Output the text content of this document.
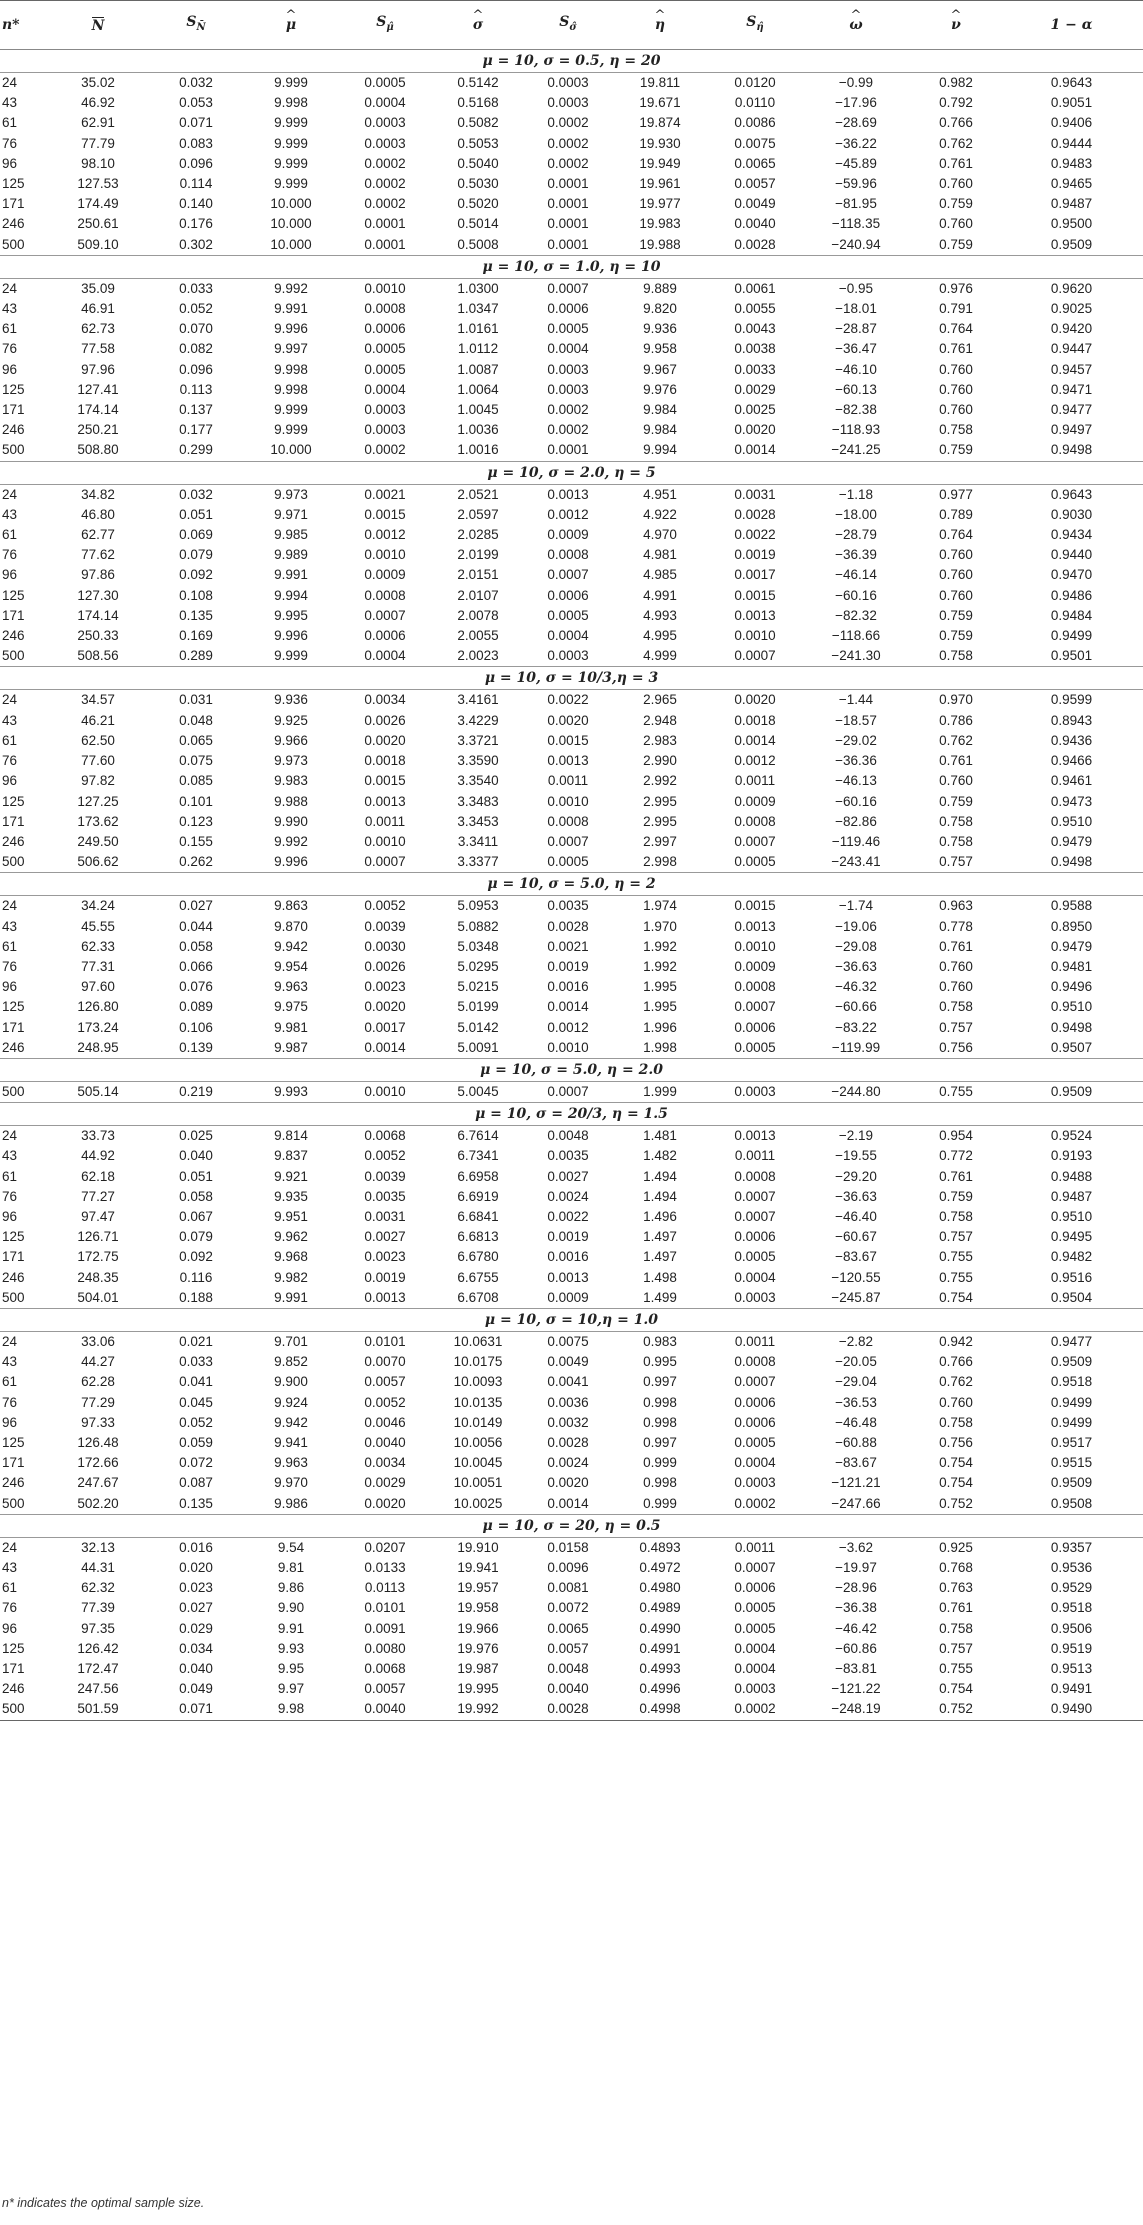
n*	N	$S_{N̄}$	^ μ	$S_{\mû}$	^ σ	$S_{\sigmâ}$	^ η	$S_{\etâ}$	^ ω	^ ν	1 − α
μ = 10, σ = 0.5, η = 20											
24	35.02	0.032	9.999	0.0005	0.5142	0.0003	19.811	0.0120	−0.99	0.982	0.9643
43	46.92	0.053	9.998	0.0004	0.5168	0.0003	19.671	0.0110	−17.96	0.792	0.9051
61	62.91	0.071	9.999	0.0003	0.5082	0.0002	19.874	0.0086	−28.69	0.766	0.9406
76	77.79	0.083	9.999	0.0003	0.5053	0.0002	19.930	0.0075	−36.22	0.762	0.9444
96	98.10	0.096	9.999	0.0002	0.5040	0.0002	19.949	0.0065	−45.89	0.761	0.9483
125	127.53	0.114	9.999	0.0002	0.5030	0.0001	19.961	0.0057	−59.96	0.760	0.9465
171	174.49	0.140	10.000	0.0002	0.5020	0.0001	19.977	0.0049	−81.95	0.759	0.9487
246	250.61	0.176	10.000	0.0001	0.5014	0.0001	19.983	0.0040	−118.35	0.760	0.9500
500	509.10	0.302	10.000	0.0001	0.5008	0.0001	19.988	0.0028	−240.94	0.759	0.9509
μ = 10, σ = 1.0, η = 10											
24	35.09	0.033	9.992	0.0010	1.0300	0.0007	9.889	0.0061	−0.95	0.976	0.9620
43	46.91	0.052	9.991	0.0008	1.0347	0.0006	9.820	0.0055	−18.01	0.791	0.9025
61	62.73	0.070	9.996	0.0006	1.0161	0.0005	9.936	0.0043	−28.87	0.764	0.9420
76	77.58	0.082	9.997	0.0005	1.0112	0.0004	9.958	0.0038	−36.47	0.761	0.9447
96	97.96	0.096	9.998	0.0005	1.0087	0.0003	9.967	0.0033	−46.10	0.760	0.9457
125	127.41	0.113	9.998	0.0004	1.0064	0.0003	9.976	0.0029	−60.13	0.760	0.9471
171	174.14	0.137	9.999	0.0003	1.0045	0.0002	9.984	0.0025	−82.38	0.760	0.9477
246	250.21	0.177	9.999	0.0003	1.0036	0.0002	9.984	0.0020	−118.93	0.758	0.9497
500	508.80	0.299	10.000	0.0002	1.0016	0.0001	9.994	0.0014	−241.25	0.759	0.9498
μ = 10, σ = 2.0, η = 5											
24	34.82	0.032	9.973	0.0021	2.0521	0.0013	4.951	0.0031	−1.18	0.977	0.9643
43	46.80	0.051	9.971	0.0015	2.0597	0.0012	4.922	0.0028	−18.00	0.789	0.9030
61	62.77	0.069	9.985	0.0012	2.0285	0.0009	4.970	0.0022	−28.79	0.764	0.9434
76	77.62	0.079	9.989	0.0010	2.0199	0.0008	4.981	0.0019	−36.39	0.760	0.9440
96	97.86	0.092	9.991	0.0009	2.0151	0.0007	4.985	0.0017	−46.14	0.760	0.9470
125	127.30	0.108	9.994	0.0008	2.0107	0.0006	4.991	0.0015	−60.16	0.760	0.9486
171	174.14	0.135	9.995	0.0007	2.0078	0.0005	4.993	0.0013	−82.32	0.759	0.9484
246	250.33	0.169	9.996	0.0006	2.0055	0.0004	4.995	0.0010	−118.66	0.759	0.9499
500	508.56	0.289	9.999	0.0004	2.0023	0.0003	4.999	0.0007	−241.30	0.758	0.9501
μ = 10, σ = 10/3,η = 3											
24	34.57	0.031	9.936	0.0034	3.4161	0.0022	2.965	0.0020	−1.44	0.970	0.9599
43	46.21	0.048	9.925	0.0026	3.4229	0.0020	2.948	0.0018	−18.57	0.786	0.8943
61	62.50	0.065	9.966	0.0020	3.3721	0.0015	2.983	0.0014	−29.02	0.762	0.9436
76	77.60	0.075	9.973	0.0018	3.3590	0.0013	2.990	0.0012	−36.36	0.761	0.9466
96	97.82	0.085	9.983	0.0015	3.3540	0.0011	2.992	0.0011	−46.13	0.760	0.9461
125	127.25	0.101	9.988	0.0013	3.3483	0.0010	2.995	0.0009	−60.16	0.759	0.9473
171	173.62	0.123	9.990	0.0011	3.3453	0.0008	2.995	0.0008	−82.86	0.758	0.9510
246	249.50	0.155	9.992	0.0010	3.3411	0.0007	2.997	0.0007	−119.46	0.758	0.9479
500	506.62	0.262	9.996	0.0007	3.3377	0.0005	2.998	0.0005	−243.41	0.757	0.9498
μ = 10, σ = 5.0, η = 2											
24	34.24	0.027	9.863	0.0052	5.0953	0.0035	1.974	0.0015	−1.74	0.963	0.9588
43	45.55	0.044	9.870	0.0039	5.0882	0.0028	1.970	0.0013	−19.06	0.778	0.8950
61	62.33	0.058	9.942	0.0030	5.0348	0.0021	1.992	0.0010	−29.08	0.761	0.9479
76	77.31	0.066	9.954	0.0026	5.0295	0.0019	1.992	0.0009	−36.63	0.760	0.9481
96	97.60	0.076	9.963	0.0023	5.0215	0.0016	1.995	0.0008	−46.32	0.760	0.9496
125	126.80	0.089	9.975	0.0020	5.0199	0.0014	1.995	0.0007	−60.66	0.758	0.9510
171	173.24	0.106	9.981	0.0017	5.0142	0.0012	1.996	0.0006	−83.22	0.757	0.9498
246	248.95	0.139	9.987	0.0014	5.0091	0.0010	1.998	0.0005	−119.99	0.756	0.9507
μ = 10, σ = 5.0, η = 2.0											
500	505.14	0.219	9.993	0.0010	5.0045	0.0007	1.999	0.0003	−244.80	0.755	0.9509
μ = 10, σ = 20/3, η = 1.5											
24	33.73	0.025	9.814	0.0068	6.7614	0.0048	1.481	0.0013	−2.19	0.954	0.9524
43	44.92	0.040	9.837	0.0052	6.7341	0.0035	1.482	0.0011	−19.55	0.772	0.9193
61	62.18	0.051	9.921	0.0039	6.6958	0.0027	1.494	0.0008	−29.20	0.761	0.9488
76	77.27	0.058	9.935	0.0035	6.6919	0.0024	1.494	0.0007	−36.63	0.759	0.9487
96	97.47	0.067	9.951	0.0031	6.6841	0.0022	1.496	0.0007	−46.40	0.758	0.9510
125	126.71	0.079	9.962	0.0027	6.6813	0.0019	1.497	0.0006	−60.67	0.757	0.9495
171	172.75	0.092	9.968	0.0023	6.6780	0.0016	1.497	0.0005	−83.67	0.755	0.9482
246	248.35	0.116	9.982	0.0019	6.6755	0.0013	1.498	0.0004	−120.55	0.755	0.9516
500	504.01	0.188	9.991	0.0013	6.6708	0.0009	1.499	0.0003	−245.87	0.754	0.9504
μ = 10, σ = 10,η = 1.0											
24	33.06	0.021	9.701	0.0101	10.0631	0.0075	0.983	0.0011	−2.82	0.942	0.9477
43	44.27	0.033	9.852	0.0070	10.0175	0.0049	0.995	0.0008	−20.05	0.766	0.9509
61	62.28	0.041	9.900	0.0057	10.0093	0.0041	0.997	0.0007	−29.04	0.762	0.9518
76	77.29	0.045	9.924	0.0052	10.0135	0.0036	0.998	0.0006	−36.53	0.760	0.9499
96	97.33	0.052	9.942	0.0046	10.0149	0.0032	0.998	0.0006	−46.48	0.758	0.9499
125	126.48	0.059	9.941	0.0040	10.0056	0.0028	0.997	0.0005	−60.88	0.756	0.9517
171	172.66	0.072	9.963	0.0034	10.0045	0.0024	0.999	0.0004	−83.67	0.754	0.9515
246	247.67	0.087	9.970	0.0029	10.0051	0.0020	0.998	0.0003	−121.21	0.754	0.9509
500	502.20	0.135	9.986	0.0020	10.0025	0.0014	0.999	0.0002	−247.66	0.752	0.9508
μ = 10, σ = 20, η = 0.5											
24	32.13	0.016	9.54	0.0207	19.910	0.0158	0.4893	0.0011	−3.62	0.925	0.9357
43	44.31	0.020	9.81	0.0133	19.941	0.0096	0.4972	0.0007	−19.97	0.768	0.9536
61	62.32	0.023	9.86	0.0113	19.957	0.0081	0.4980	0.0006	−28.96	0.763	0.9529
76	77.39	0.027	9.90	0.0101	19.958	0.0072	0.4989	0.0005	−36.38	0.761	0.9518
96	97.35	0.029	9.91	0.0091	19.966	0.0065	0.4990	0.0005	−46.42	0.758	0.9506
125	126.42	0.034	9.93	0.0080	19.976	0.0057	0.4991	0.0004	−60.86	0.757	0.9519
171	172.47	0.040	9.95	0.0068	19.987	0.0048	0.4993	0.0004	−83.81	0.755	0.9513
246	247.56	0.049	9.97	0.0057	19.995	0.0040	0.4996	0.0003	−121.22	0.754	0.9491
500	501.59	0.071	9.98	0.0040	19.992	0.0028	0.4998	0.0002	−248.19	0.752	0.9490
n* indicates the optimal sample size.
